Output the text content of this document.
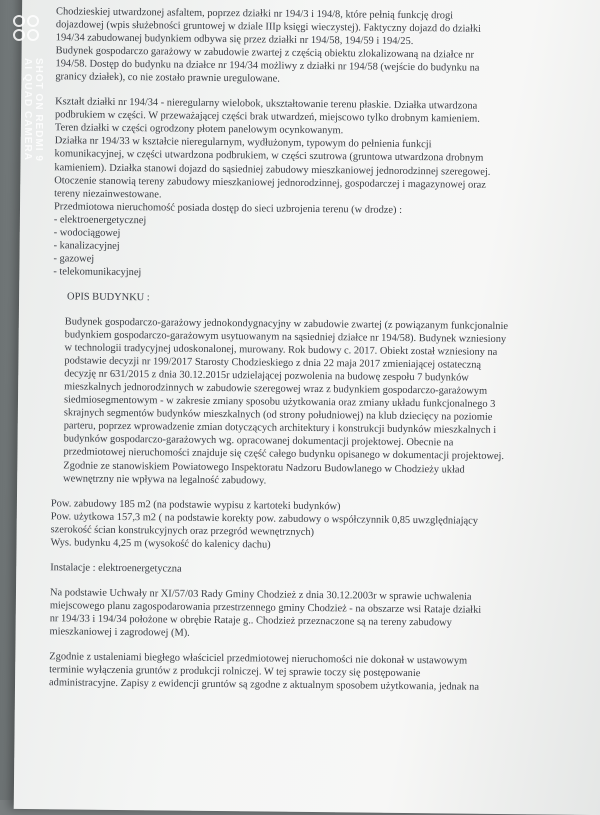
Chodzieskiej utwardzonej asfaltem, poprzez działki nr 194/3 i 194/8, które pełnią funkcję drogi

dojazdowej (wpis służebności gruntowej w dziale IIIp księgi wieczystej). Faktyczny dojazd do działki

194/34 zabudowanej budynkiem odbywa się przez działki nr 194/58, 194/59 i 194/25.

Budynek gospodarczo garażowy w zabudowie zwartej z częścią obiektu zlokalizowaną na działce nr

194/58. Dostęp do budynku na działce nr 194/34 możliwy z działki nr 194/58 (wejście do budynku na

granicy działek), co nie zostało prawnie uregulowane.

Kształt działki nr 194/34 - nieregularny wielobok, ukształtowanie terenu płaskie. Działka utwardzona

podbrukiem w części. W przeważającej części brak utwardzeń, miejscowo tylko drobnym kamieniem.

Teren działki w części ogrodzony płotem panelowym ocynkowanym.

Działka nr 194/33 w kształcie nieregularnym, wydłużonym, typowym do pełnienia funkcji

komunikacyjnej, w części utwardzona podbrukiem, w części szutrowa (gruntowa utwardzona drobnym

kamieniem). Działka stanowi dojazd do sąsiedniej zabudowy mieszkaniowej jednorodzinnej szeregowej.

Otoczenie stanowią tereny zabudowy mieszkaniowej jednorodzinnej, gospodarczej i magazynowej oraz

tereny niezainwestowane.

Przedmiotowa nieruchomość posiada dostęp do sieci uzbrojenia terenu (w drodze) :

- elektroenergetycznej

- wodociągowej

- kanalizacyjnej

- gazowej

- telekomunikacyjnej

OPIS BUDYNKU :

Budynek gospodarczo-garażowy jednokondygnacyjny w zabudowie zwartej (z powiązanym funkcjonalnie

budynkiem gospodarczo-garażowym usytuowanym na sąsiedniej działce nr 194/58). Budynek wzniesiony

w technologii tradycyjnej udoskonalonej, murowany. Rok budowy c. 2017. Obiekt został wzniesiony na

podstawie decyzji nr 199/2017 Starosty Chodzieskiego z dnia 22 maja 2017 zmieniającej ostateczną

decyzję nr 631/2015 z dnia 30.12.2015r udzielającej pozwolenia na budowę zespołu 7 budynków

mieszkalnych jednorodzinnych w zabudowie szeregowej wraz z budynkiem gospodarczo-garażowym

siedmiosegmentowym - w zakresie zmiany sposobu użytkowania oraz zmiany układu funkcjonalnego 3

skrajnych segmentów budynków mieszkalnych (od strony południowej) na klub dziecięcy na poziomie

parteru, poprzez wprowadzenie zmian dotyczących architektury i konstrukcji budynków mieszkalnych i

budynków gospodarczo-garażowych wg. opracowanej dokumentacji projektowej. Obecnie na

przedmiotowej nieruchomości znajduje się część całego budynku opisanego w dokumentacji projektowej.

Zgodnie ze stanowiskiem Powiatowego Inspektoratu Nadzoru Budowlanego w Chodzieży układ

wewnętrzny nie wpływa na legalność zabudowy.

Pow. zabudowy 185 m2 (na podstawie wypisu z kartoteki budynków)

Pow. użytkowa 157,3 m2 ( na podstawie korekty pow. zabudowy o współczynnik 0,85 uwzględniający

szerokość ścian konstrukcyjnych oraz przegród wewnętrznych)

Wys. budynku 4,25 m (wysokość do kalenicy dachu)

Instalacje : elektroenergetyczna

Na podstawie Uchwały nr XI/57/03 Rady Gminy Chodzież z dnia 30.12.2003r w sprawie uchwalenia

miejscowego planu zagospodarowania przestrzennego gminy Chodzież - na obszarze wsi Rataje działki

nr 194/33 i 194/34 położone w obrębie Rataje g.. Chodzież przeznaczone są na tereny zabudowy

mieszkaniowej i zagrodowej (M).

Zgodnie z ustaleniami biegłego właściciel przedmiotowej nieruchomości nie dokonał w ustawowym

terminie wyłączenia gruntów z produkcji rolniczej. W tej sprawie toczy się postępowanie

administracyjne. Zapisy z ewidencji gruntów są zgodne z aktualnym sposobem użytkowania, jednak na

SHOT ON REDMI 9
AI QUAD CAMERA
